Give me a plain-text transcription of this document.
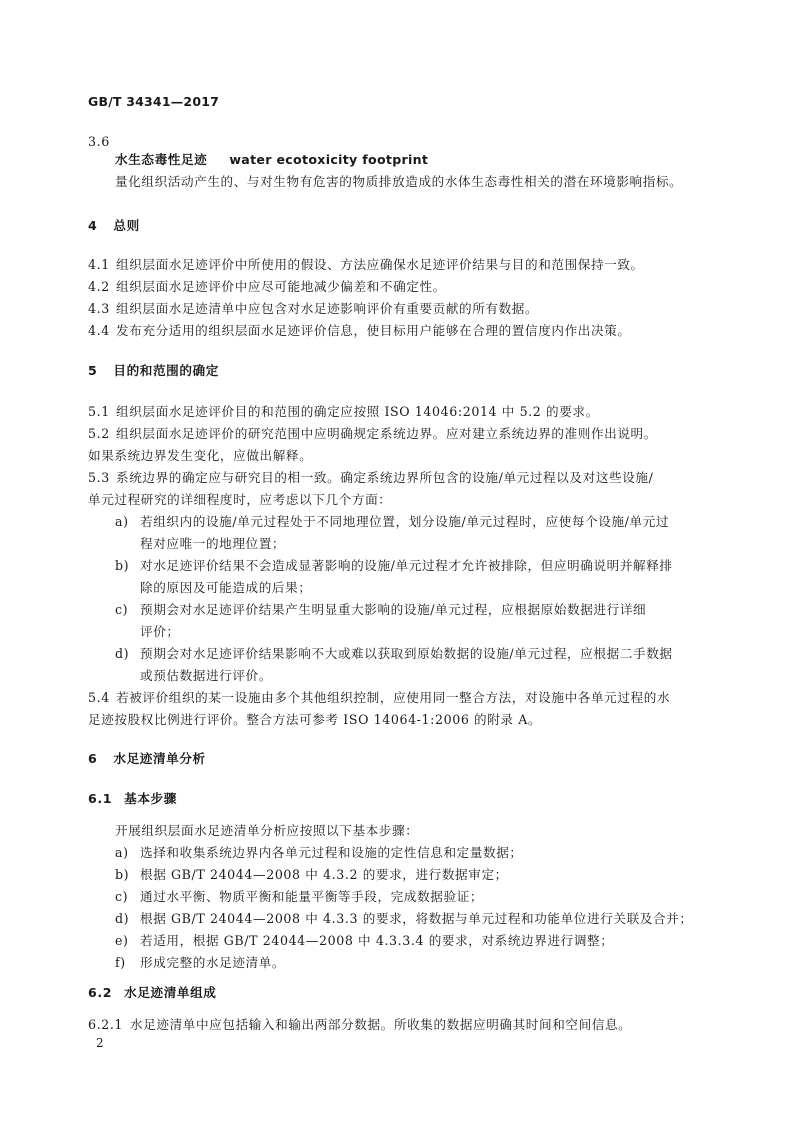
GB/T 34341—2017
3.6
水生态毒性足迹 water ecotoxicity footprint
量化组织活动产生的、与对生物有危害的物质排放造成的水体生态毒性相关的潜在环境影响指标。
4 总则
4.1 组织层面水足迹评价中所使用的假设、方法应确保水足迹评价结果与目的和范围保持一致。
4.2 组织层面水足迹评价中应尽可能地减少偏差和不确定性。
4.3 组织层面水足迹清单中应包含对水足迹影响评价有重要贡献的所有数据。
4.4 发布充分适用的组织层面水足迹评价信息，使目标用户能够在合理的置信度内作出决策。
5 目的和范围的确定
5.1 组织层面水足迹评价目的和范围的确定应按照 ISO 14046:2014 中 5.2 的要求。
5.2 组织层面水足迹评价的研究范围中应明确规定系统边界。应对建立系统边界的准则作出说明。
如果系统边界发生变化，应做出解释。
5.3 系统边界的确定应与研究目的相一致。确定系统边界所包含的设施/单元过程以及对这些设施/
单元过程研究的详细程度时，应考虑以下几个方面：
a) 若组织内的设施/单元过程处于不同地理位置，划分设施/单元过程时，应使每个设施/单元过
程对应唯一的地理位置；
b) 对水足迹评价结果不会造成显著影响的设施/单元过程才允许被排除，但应明确说明并解释排
除的原因及可能造成的后果；
c) 预期会对水足迹评价结果产生明显重大影响的设施/单元过程，应根据原始数据进行详细
评价；
d) 预期会对水足迹评价结果影响不大或难以获取到原始数据的设施/单元过程，应根据二手数据
或预估数据进行评价。
5.4 若被评价组织的某一设施由多个其他组织控制，应使用同一整合方法，对设施中各单元过程的水
足迹按股权比例进行评价。整合方法可参考 ISO 14064-1:2006 的附录 A。
6 水足迹清单分析
6.1 基本步骤
开展组织层面水足迹清单分析应按照以下基本步骤：
a) 选择和收集系统边界内各单元过程和设施的定性信息和定量数据；
b) 根据 GB/T 24044—2008 中 4.3.2 的要求，进行数据审定；
c) 通过水平衡、物质平衡和能量平衡等手段，完成数据验证；
d) 根据 GB/T 24044—2008 中 4.3.3 的要求，将数据与单元过程和功能单位进行关联及合并；
e) 若适用，根据 GB/T 24044—2008 中 4.3.3.4 的要求，对系统边界进行调整；
f) 形成完整的水足迹清单。
6.2 水足迹清单组成
6.2.1 水足迹清单中应包括输入和输出两部分数据。所收集的数据应明确其时间和空间信息。
2
